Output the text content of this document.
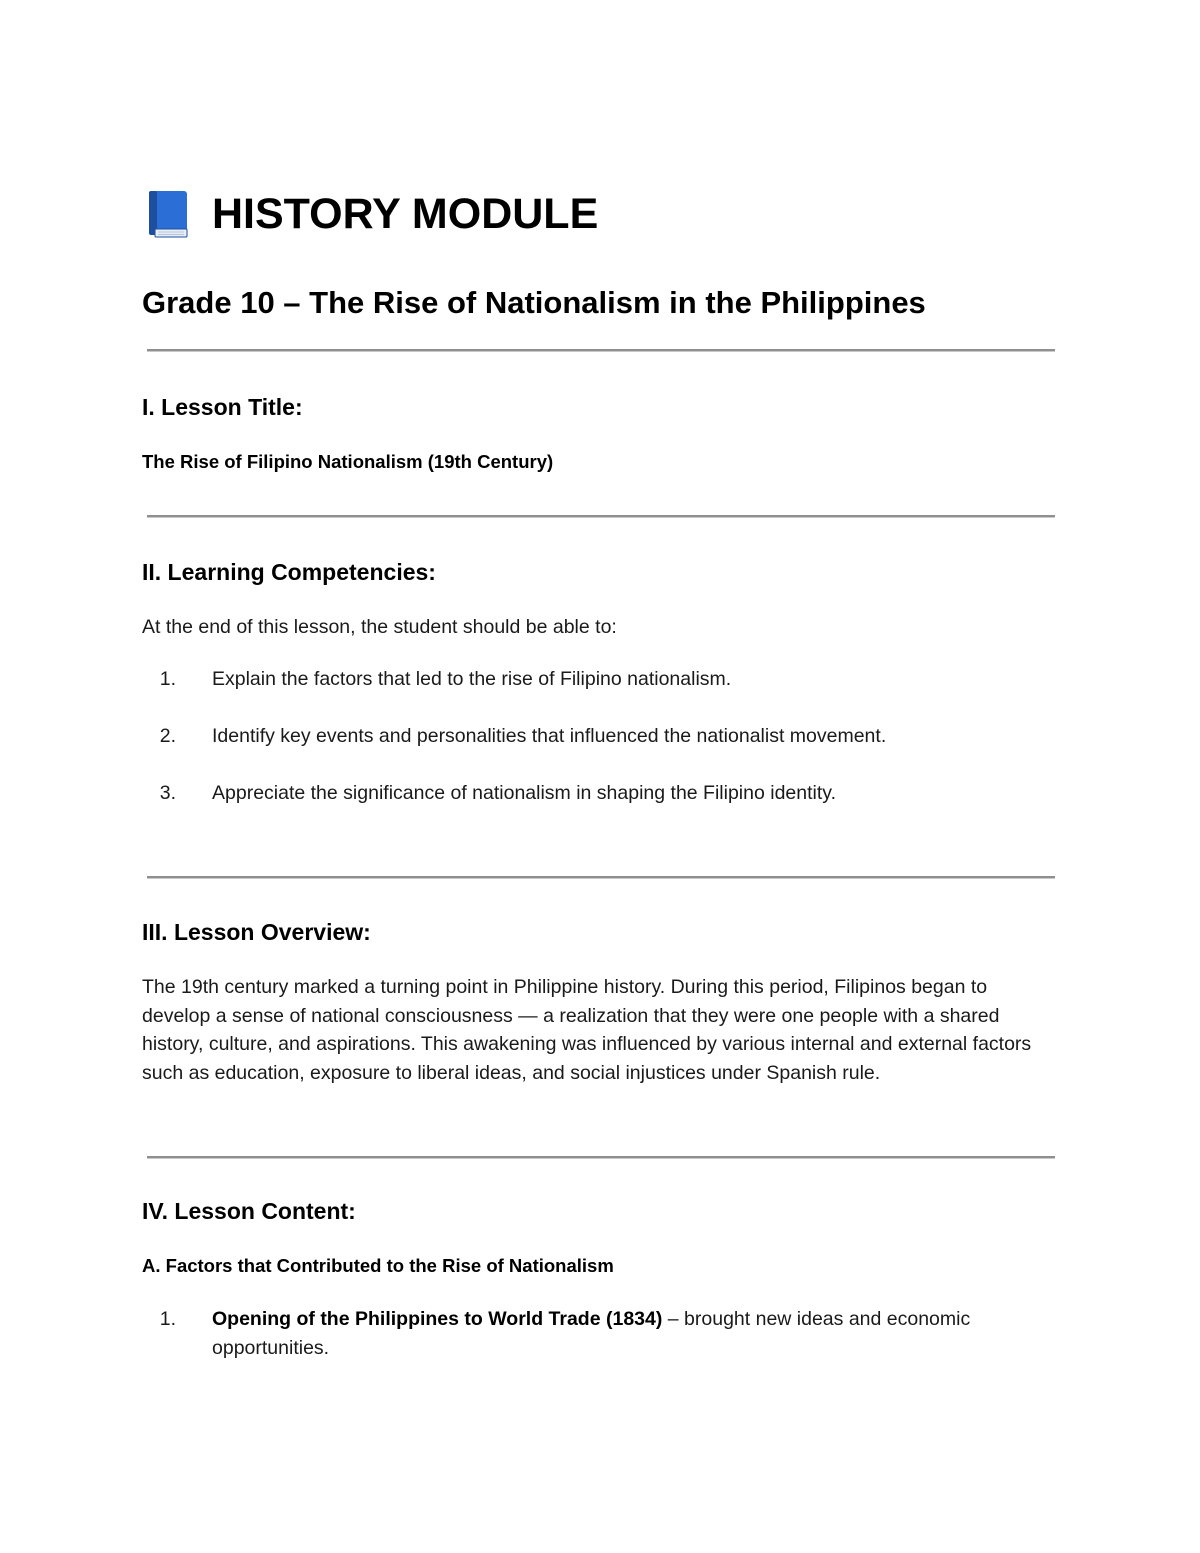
HISTORY MODULE
Grade 10 – The Rise of Nationalism in the Philippines
I. Lesson Title:

The Rise of Filipino Nationalism (19th Century)

II. Learning Competencies:

At the end of this lesson, the student should be able to:

1.	Explain the factors that led to the rise of Filipino nationalism.
2.	Identify key events and personalities that influenced the nationalist movement.
3.	Appreciate the significance of nationalism in shaping the Filipino identity.
III. Lesson Overview:

The 19th century marked a turning point in Philippine history. During this period, Filipinos began to develop a sense of national consciousness — a realization that they were one people with a shared history, culture, and aspirations. This awakening was influenced by various internal and external factors such as education, exposure to liberal ideas, and social injustices under Spanish rule.

IV. Lesson Content:

A. Factors that Contributed to the Rise of Nationalism

1.	Opening of the Philippines to World Trade (1834) – brought new ideas and economic opportunities.
